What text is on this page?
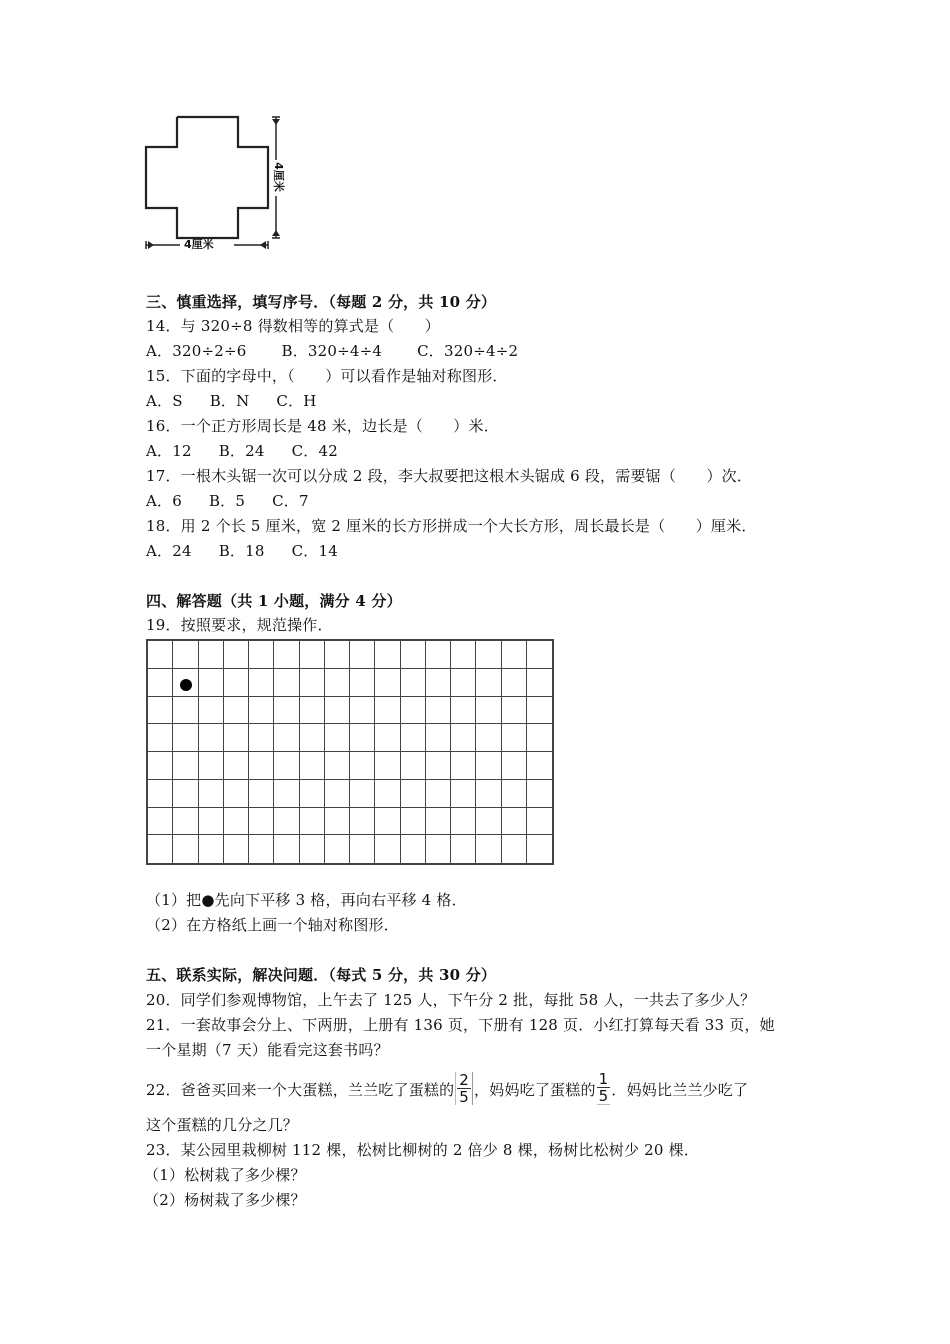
4厘米
4厘米
三、慎重选择，填写序号．（每题 2 分，共 10 分）
14．与 320÷8 得数相等的算式是（　　）
A．320÷2÷6 B．320÷4÷4 C．320÷4÷2
15．下面的字母中，（　　）可以看作是轴对称图形．
A．S B．N C．H
16．一个正方形周长是 48 米，边长是（　　）米．
A．12 B．24 C．42
17．一根木头锯一次可以分成 2 段，李大叔要把这根木头锯成 6 段，需要锯（　　）次．
A．6 B．5 C．7
18．用 2 个长 5 厘米，宽 2 厘米的长方形拼成一个大长方形，周长最长是（　　）厘米．
A．24 B．18 C．14
四、解答题（共 1 小题，满分 4 分）
19．按照要求，规范操作．
（1）把●先向下平移 3 格，再向右平移 4 格．
（2）在方格纸上画一个轴对称图形．
五、联系实际，解决问题．（每式 5 分，共 30 分）
20．同学们参观博物馆，上午去了 125 人，下午分 2 批，每批 58 人，一共去了多少人？
21．一套故事会分上、下两册，上册有 136 页，下册有 128 页．小红打算每天看 33 页，她
一个星期（7 天）能看完这套书吗？
22．爸爸买回来一个大蛋糕，兰兰吃了蛋糕的 $\frac{2}{5}$ ，妈妈吃了蛋糕的 $\frac{1}{5}$ ．妈妈比兰兰少吃了
这个蛋糕的几分之几？
23．某公园里栽柳树 112 棵，松树比柳树的 2 倍少 8 棵，杨树比松树少 20 棵．
（1）松树栽了多少棵？
（2）杨树栽了多少棵？
